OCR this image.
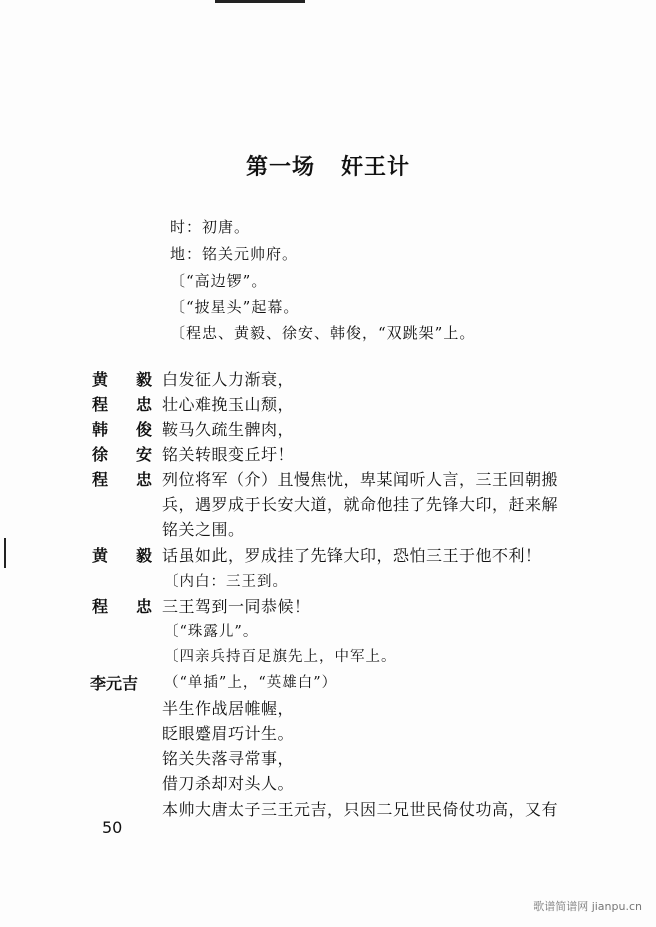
第一场 奸王计
时：初唐。
地：铭关元帅府。
〔“高边锣”。
〔“披星头”起幕。
〔程忠、黄毅、徐安、韩俊，“双跳架”上。
黄 毅 白发征人力渐衰，
程 忠 壮心难挽玉山颓，
韩 俊 鞍马久疏生髀肉，
徐 安 铭关转眼变丘圩！
程 忠 列位将军（介）且慢焦忧，卑某闻听人言，三王回朝搬
兵，遇罗成于长安大道，就命他挂了先锋大印，赶来解
铭关之围。
黄 毅 话虽如此，罗成挂了先锋大印，恐怕三王于他不利！
〔内白：三王到。
程 忠 三王驾到一同恭候！
〔“珠露儿”。
〔四亲兵持百足旗先上，中军上。
李元吉 （“单插”上，“英雄白”）
半生作战居帷幄，
眨眼蹙眉巧计生。
铭关失落寻常事，
借刀杀却对头人。
本帅大唐太子三王元吉，只因二兄世民倚仗功高，又有
50
歌谱简谱网 jianpu.cn
